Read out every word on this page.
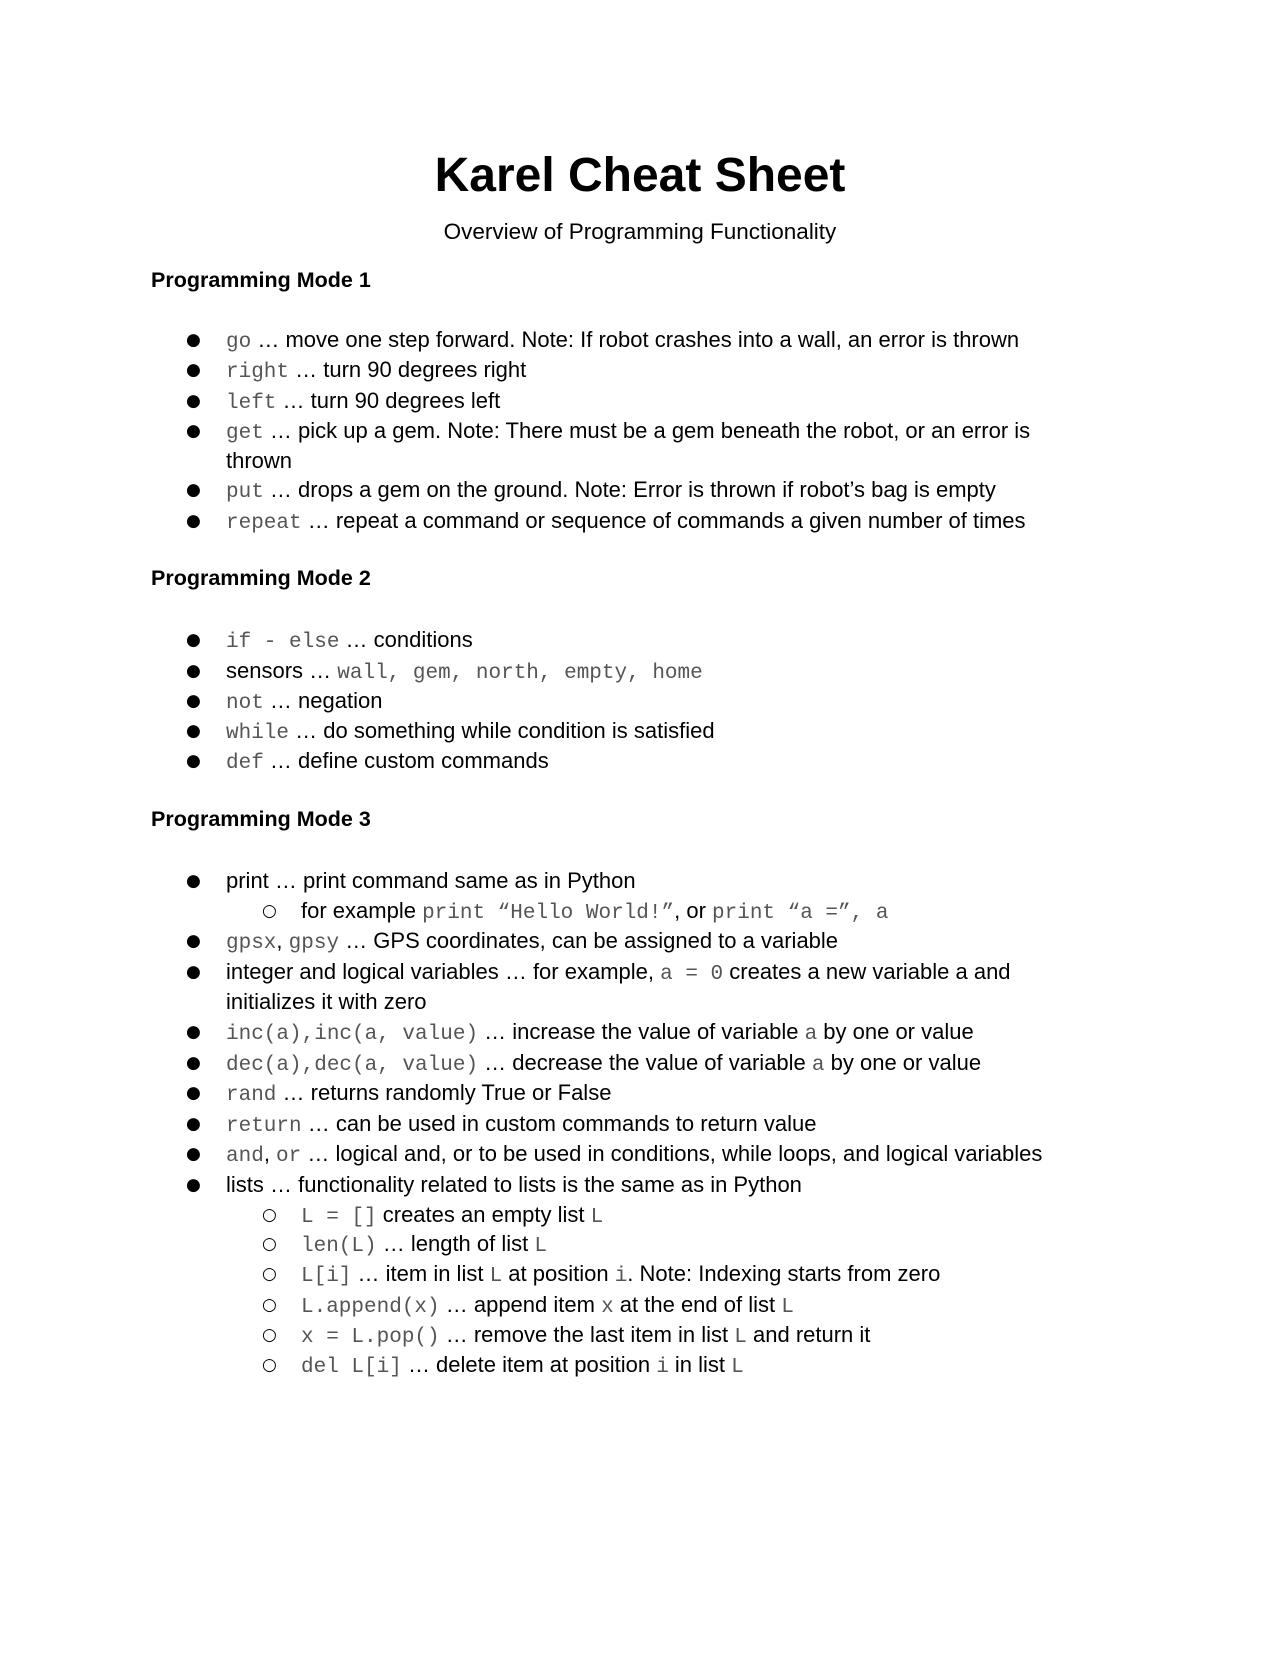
Karel Cheat Sheet
Overview of Programming Functionality
Programming Mode 1
● go … move one step forward. Note: If robot crashes into a wall, an error is thrown
● right … turn 90 degrees right
● left … turn 90 degrees left
● get … pick up a gem. Note: There must be a gem beneath the robot, or an error is
thrown
● put … drops a gem on the ground. Note: Error is thrown if robot’s bag is empty
● repeat … repeat a command or sequence of commands a given number of times
Programming Mode 2
● if - else … conditions
● sensors … wall, gem, north, empty, home
● not … negation
● while … do something while condition is satisfied
● def … define custom commands
Programming Mode 3
● print … print command same as in Python
○ for example print “Hello World!”, or print “a =”, a
● gpsx, gpsy … GPS coordinates, can be assigned to a variable
● integer and logical variables … for example, a = 0 creates a new variable a and
initializes it with zero
● inc(a),inc(a, value) … increase the value of variable a by one or value
● dec(a),dec(a, value) … decrease the value of variable a by one or value
● rand … returns randomly True or False
● return … can be used in custom commands to return value
● and, or … logical and, or to be used in conditions, while loops, and logical variables
● lists … functionality related to lists is the same as in Python
○ L = [] creates an empty list L
○ len(L) … length of list L
○ L[i] … item in list L at position i. Note: Indexing starts from zero
○ L.append(x) … append item x at the end of list L
○ x = L.pop() … remove the last item in list L and return it
○ del L[i] … delete item at position i in list L
